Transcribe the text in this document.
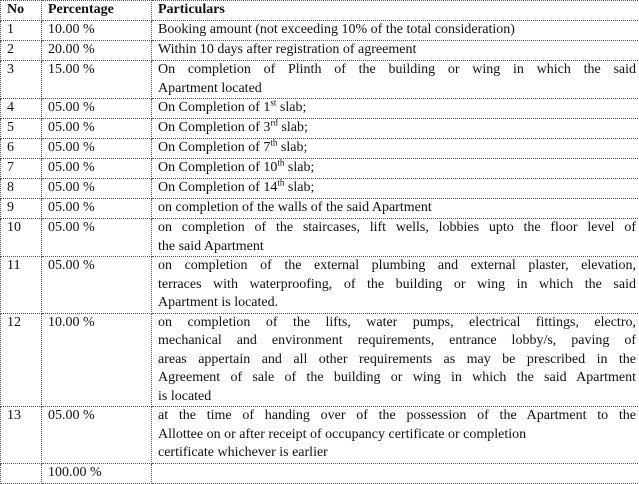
No	Percentage	Particulars
1	10.00 %	Booking amount (not exceeding 10% of the total consideration)

2	20.00 %	Within 10 days after registration of agreement

3	15.00 %	On completion of Plinth of the building or wing in which the said
Apartment located

4	05.00 %	On Completion of 1st slab;
5	05.00 %	On Completion of 3rd slab;
6	05.00 %	On Completion of 7th slab;
7	05.00 %	On Completion of 10th slab;
8	05.00 %	On Completion of 14th slab;
9	05.00 %	on completion of the walls of the said Apartment

10	05.00 %	on completion of the staircases, lift wells, lobbies upto the floor level of
the said Apartment

11	05.00 %	on completion of the external plumbing and external plaster, elevation,
terraces with waterproofing, of the building or wing in which the said
Apartment is located.

12	10.00 %	on completion of the lifts, water pumps, electrical fittings, electro,
mechanical and environment requirements, entrance lobby/s, paving of
areas appertain and all other requirements as may be prescribed in the
Agreement of sale of the building or wing in which the said Apartment
is located

13	05.00 %	at the time of handing over of the possession of the Apartment to the
Allottee on or after receipt of occupancy certificate or completion
certificate whichever is earlier

	100.00 %	
